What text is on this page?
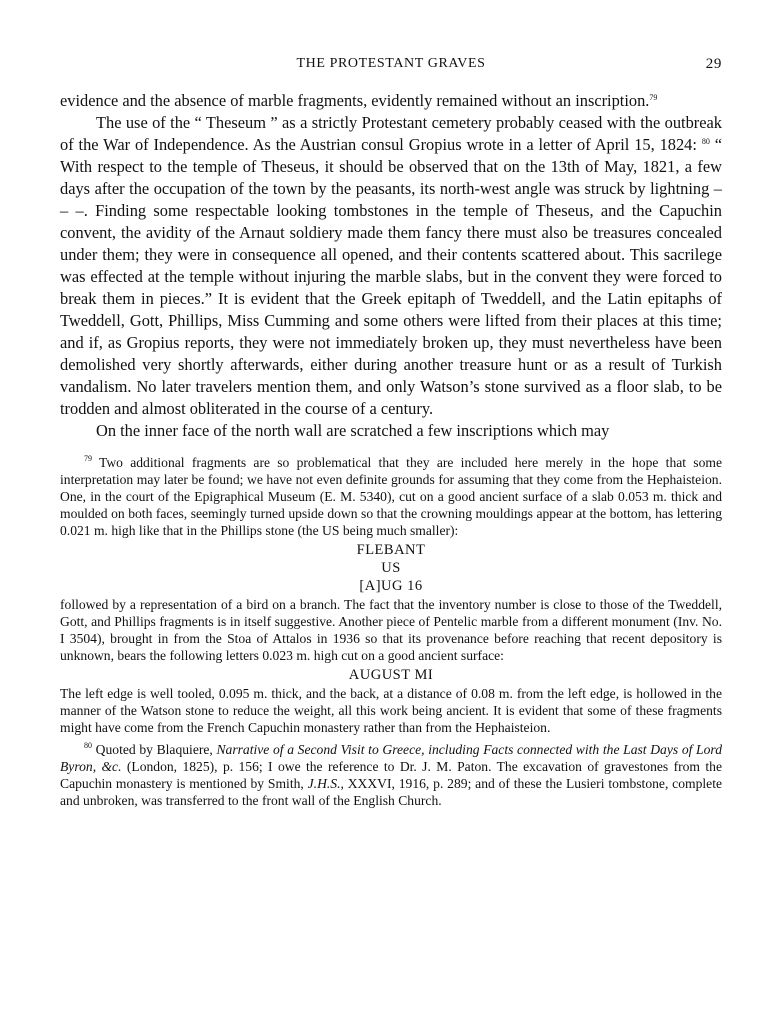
THE PROTESTANT GRAVES	29

evidence and the absence of marble fragments, evidently remained without an inscription.$^{79}$

The use of the “ Theseum ” as a strictly Protestant cemetery probably ceased with the outbreak of the War of Independence. As the Austrian consul Gropius wrote in a letter of April 15, 1824: $^{80}$ “ With respect to the temple of Theseus, it should be observed that on the 13th of May, 1821, a few days after the occupation of the town by the peasants, its north-west angle was struck by lightning – – –. Finding some respectable looking tombstones in the temple of Theseus, and the Capuchin convent, the avidity of the Arnaut soldiery made them fancy there must also be treasures concealed under them; they were in consequence all opened, and their contents scattered about. This sacrilege was effected at the temple without injuring the marble slabs, but in the convent they were forced to break them in pieces.” It is evident that the Greek epitaph of Tweddell, and the Latin epitaphs of Tweddell, Gott, Phillips, Miss Cumming and some others were lifted from their places at this time; and if, as Gropius reports, they were not immediately broken up, they must nevertheless have been demolished very shortly afterwards, either during another treasure hunt or as a result of Turkish vandalism. No later travelers mention them, and only Watson’s stone survived as a floor slab, to be trodden and almost obliterated in the course of a century.

On the inner face of the north wall are scratched a few inscriptions which may

$^{79}$ Two additional fragments are so problematical that they are included here merely in the hope that some interpretation may later be found; we have not even definite grounds for assuming that they come from the Hephaisteion. One, in the court of the Epigraphical Museum (E. M. 5340), cut on a good ancient surface of a slab 0.053 m. thick and moulded on both faces, seemingly turned upside down so that the crowning mouldings appear at the bottom, has lettering 0.021 m. high like that in the Phillips stone (the US being much smaller):

FLEBANT
US
[A]UG 16

followed by a representation of a bird on a branch. The fact that the inventory number is close to those of the Tweddell, Gott, and Phillips fragments is in itself suggestive. Another piece of Pentelic marble from a different monument (Inv. No. I 3504), brought in from the Stoa of Attalos in 1936 so that its provenance before reaching that recent depository is unknown, bears the following letters 0.023 m. high cut on a good ancient surface:

AUGUST MI

The left edge is well tooled, 0.095 m. thick, and the back, at a distance of 0.08 m. from the left edge, is hollowed in the manner of the Watson stone to reduce the weight, all this work being ancient. It is evident that some of these fragments might have come from the French Capuchin monastery rather than from the Hephaisteion.

$^{80}$ Quoted by Blaquiere, Narrative of a Second Visit to Greece, including Facts connected with the Last Days of Lord Byron, &c. (London, 1825), p. 156; I owe the reference to Dr. J. M. Paton. The excavation of gravestones from the Capuchin monastery is mentioned by Smith, J.H.S., XXXVI, 1916, p. 289; and of these the Lusieri tombstone, complete and unbroken, was transferred to the front wall of the English Church.
